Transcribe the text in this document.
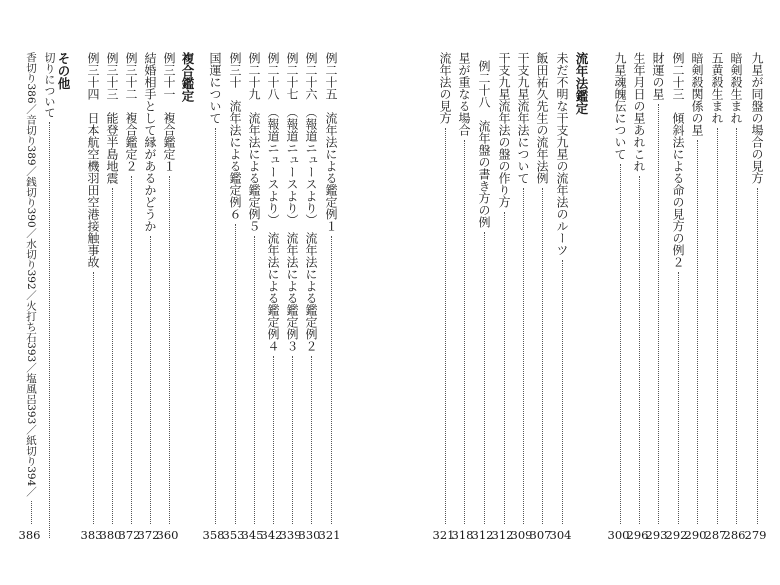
九星が同盤の場合の見方
279
暗剣殺生まれ
286
五黄殺生まれ
287
暗剣殺関係の星
290
例二十三　傾斜法による命の見方の例２
292
財運の星
293
生年月日の星あれこれ
296
九星魂魄伝について
300
流年法鑑定
未だ不明な干支九星の流年法のルーツ
304
飯田祐久先生の流年法例
307
干支九星流年法について
309
干支九星流年法の盤の作り方
312
例二十八　流年盤の書き方の例
312
星が重なる場合
318
流年法の見方
321
例二十五　流年法による鑑定例１
321
例二十六　（報道ニュースより）　流年法による鑑定例２
330
例二十七　（報道ニュースより）　流年法による鑑定例３
339
例二十八　（報道ニュースより）　流年法による鑑定例４
342
例二十九　流年法による鑑定例５
345
例三十　流年法による鑑定例６
353
国運について
358
複合鑑定
例三十一　複合鑑定１
360
結婚相手として縁があるかどうか
372
例三十二　複合鑑定２
372
例三十三　能登半島地震
380
例三十四　日本航空機羽田空港接触事故
383
その他
切りについて
香切り386／音切り389／銭切り390／水切り392／火打ち石393／塩風呂393／紙切り394／
386
